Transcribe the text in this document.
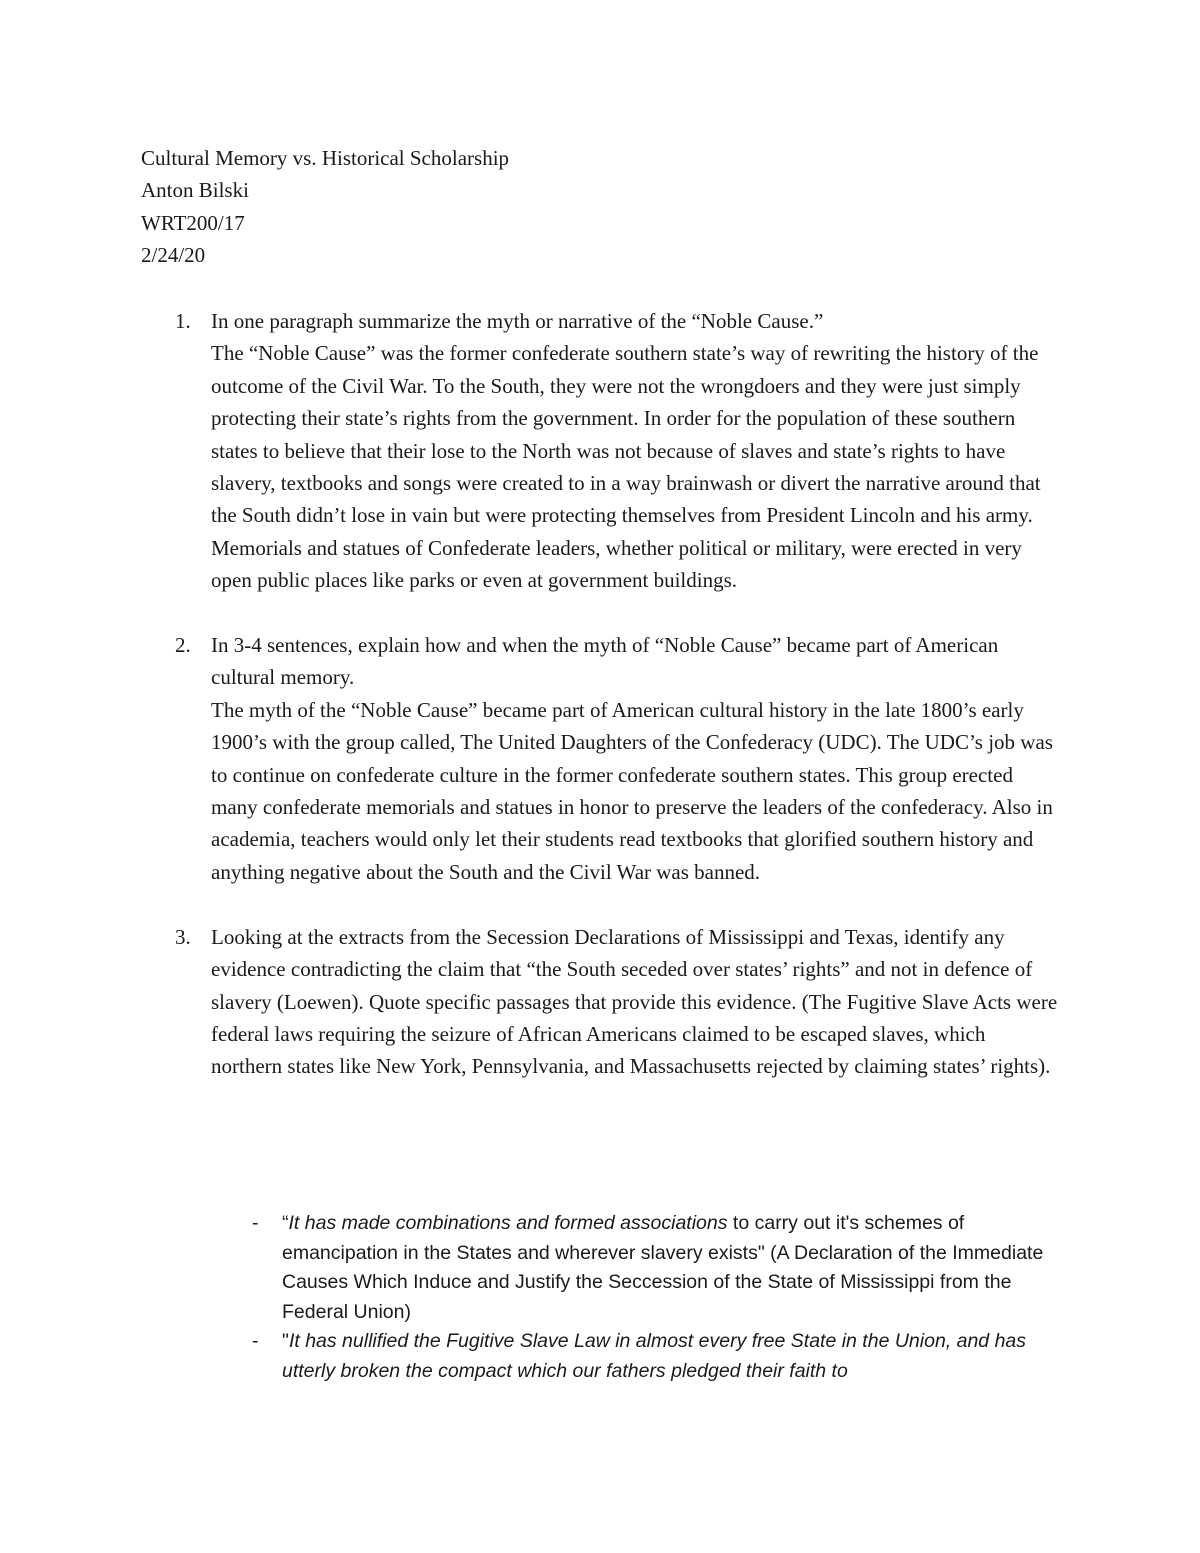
Cultural Memory vs. Historical Scholarship
Anton Bilski
WRT200/17
2/24/20
1. In one paragraph summarize the myth or narrative of the “Noble Cause.”
The “Noble Cause” was the former confederate southern state’s way of rewriting the history of the outcome of the Civil War. To the South, they were not the wrongdoers and they were just simply protecting their state’s rights from the government. In order for the population of these southern states to believe that their lose to the North was not because of slaves and state’s rights to have slavery, textbooks and songs were created to in a way brainwash or divert the narrative around that the South didn’t lose in vain but were protecting themselves from President Lincoln and his army. Memorials and statues of Confederate leaders, whether political or military, were erected in very open public places like parks or even at government buildings.
2. In 3-4 sentences, explain how and when the myth of “Noble Cause” became part of American cultural memory.
The myth of the “Noble Cause” became part of American cultural history in the late 1800’s early 1900’s with the group called, The United Daughters of the Confederacy (UDC). The UDC’s job was to continue on confederate culture in the former confederate southern states. This group erected many confederate memorials and statues in honor to preserve the leaders of the confederacy. Also in academia, teachers would only let their students read textbooks that glorified southern history and anything negative about the South and the Civil War was banned.
3. Looking at the extracts from the Secession Declarations of Mississippi and Texas, identify any evidence contradicting the claim that “the South seceded over states’ rights” and not in defence of slavery (Loewen). Quote specific passages that provide this evidence. (The Fugitive Slave Acts were federal laws requiring the seizure of African Americans claimed to be escaped slaves, which northern states like New York, Pennsylvania, and Massachusetts rejected by claiming states’ rights).
- “It has made combinations and formed associations to carry out it's schemes of emancipation in the States and wherever slavery exists" (A Declaration of the Immediate Causes Which Induce and Justify the Seccession of the State of Mississippi from the Federal Union)
- "It has nullified the Fugitive Slave Law in almost every free State in the Union, and has utterly broken the compact which our fathers pledged their faith to
